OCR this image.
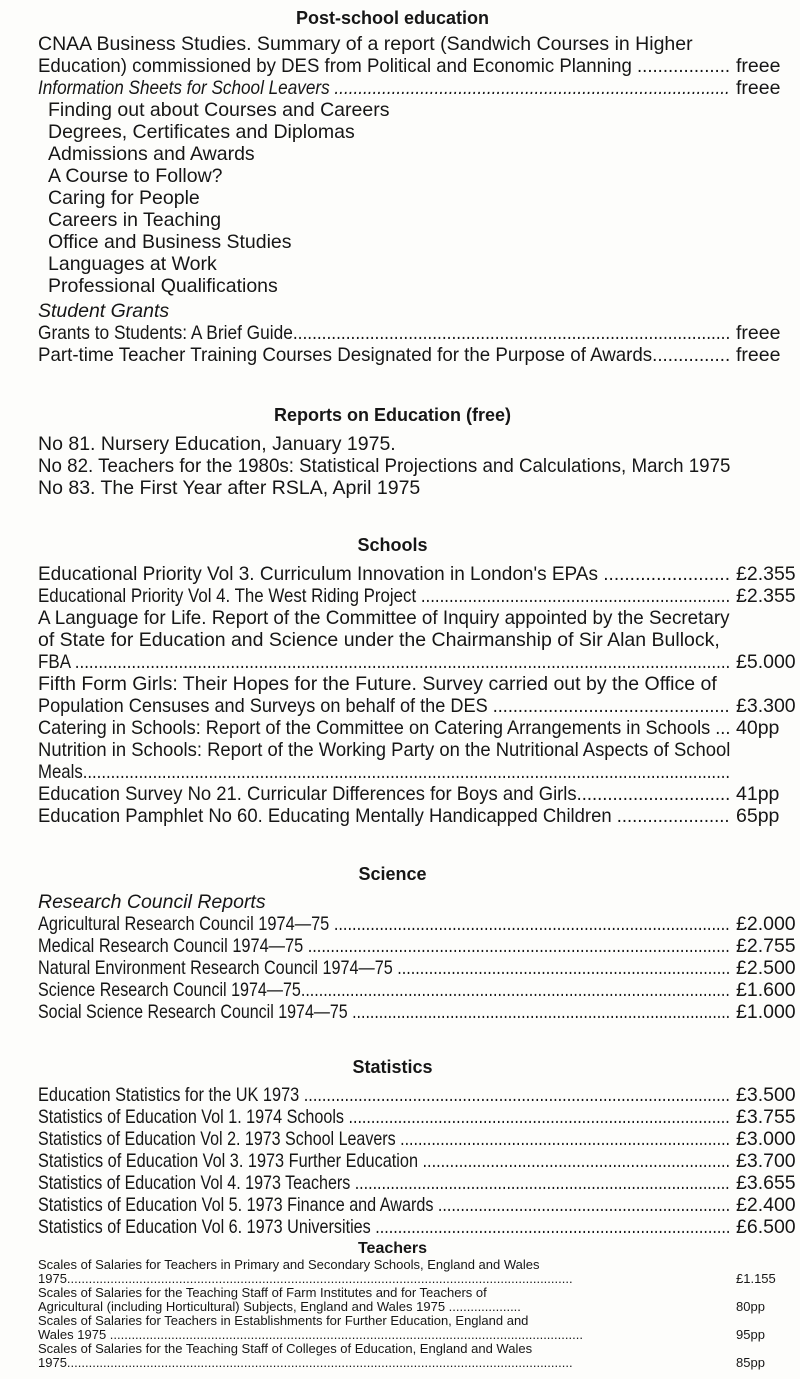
Post-school education
CNAA Business Studies. Summary of a report (Sandwich Courses in Higher
Education) commissioned by DES from Political and Economic Planning ..................
Information Sheets for School Leavers ...................................................................................
freee
freee
Finding out about Courses and Careers
Degrees, Certificates and Diplomas
Admissions and Awards
A Course to Follow?
Caring for People
Careers in Teaching
Office and Business Studies
Languages at Work
Professional Qualifications
Student Grants
Grants to Students: A Brief Guide...........................................................................................
Part-time Teacher Training Courses Designated for the Purpose of Awards...............
freee
freee
Reports on Education (free)
No 81. Nursery Education, January 1975.
No 82. Teachers for the 1980s: Statistical Projections and Calculations, March 1975
No 83. The First Year after RSLA, April 1975
Schools
Educational Priority Vol 3. Curriculum Innovation in London's EPAs ........................
Educational Priority Vol 4. The West Riding Project ..................................................................
A Language for Life. Report of the Committee of Inquiry appointed by the Secretary
of State for Education and Science under the Chairmanship of Sir Alan Bullock,
FBA ...........................................................................................................................................
Fifth Form Girls: Their Hopes for the Future. Survey carried out by the Office of
Population Censuses and Surveys on behalf of the DES ...............................................
Catering in Schools: Report of the Committee on Catering Arrangements in Schools ...
Nutrition in Schools: Report of the Working Party on the Nutritional Aspects of School
Meals...........................................................................................................................................
Education Survey No 21. Curricular Differences for Boys and Girls..............................
Education Pamphlet No 60. Educating Mentally Handicapped Children ......................
£2.355
£2.355
£5.000
£3.300
40pp
41pp
65pp
Science
Research Council Reports
Agricultural Research Council 1974—75 .......................................................................................
Medical Research Council 1974—75 .............................................................................................
Natural Environment Research Council 1974—75 ..........................................................................
Science Research Council 1974—75................................................................................................
Social Science Research Council 1974—75 .....................................................................................
£2.000
£2.755
£2.500
£1.600
£1.000
Statistics
Education Statistics for the UK 1973 ..............................................................................................
Statistics of Education Vol 1. 1974 Schools .....................................................................................
Statistics of Education Vol 2. 1973 School Leavers ..........................................................................
Statistics of Education Vol 3. 1973 Further Education ....................................................................
Statistics of Education Vol 4. 1973 Teachers ....................................................................................
Statistics of Education Vol 5. 1973 Finance and Awards .................................................................
Statistics of Education Vol 6. 1973 Universities ...............................................................................
£3.500
£3.755
£3.000
£3.700
£3.655
£2.400
£6.500
Teachers
Scales of Salaries for Teachers in Primary and Secondary Schools, England and Wales
1975............................................................................................................................................
Scales of Salaries for the Teaching Staff of Farm Institutes and for Teachers of
Agricultural (including Horticultural) Subjects, England and Wales 1975 ....................
Scales of Salaries for Teachers in Establishments for Further Education, England and
Wales 1975 ...................................................................................................................................
Scales of Salaries for the Teaching Staff of Colleges of Education, England and Wales
1975............................................................................................................................................
£1.155
80pp
95pp
85pp
